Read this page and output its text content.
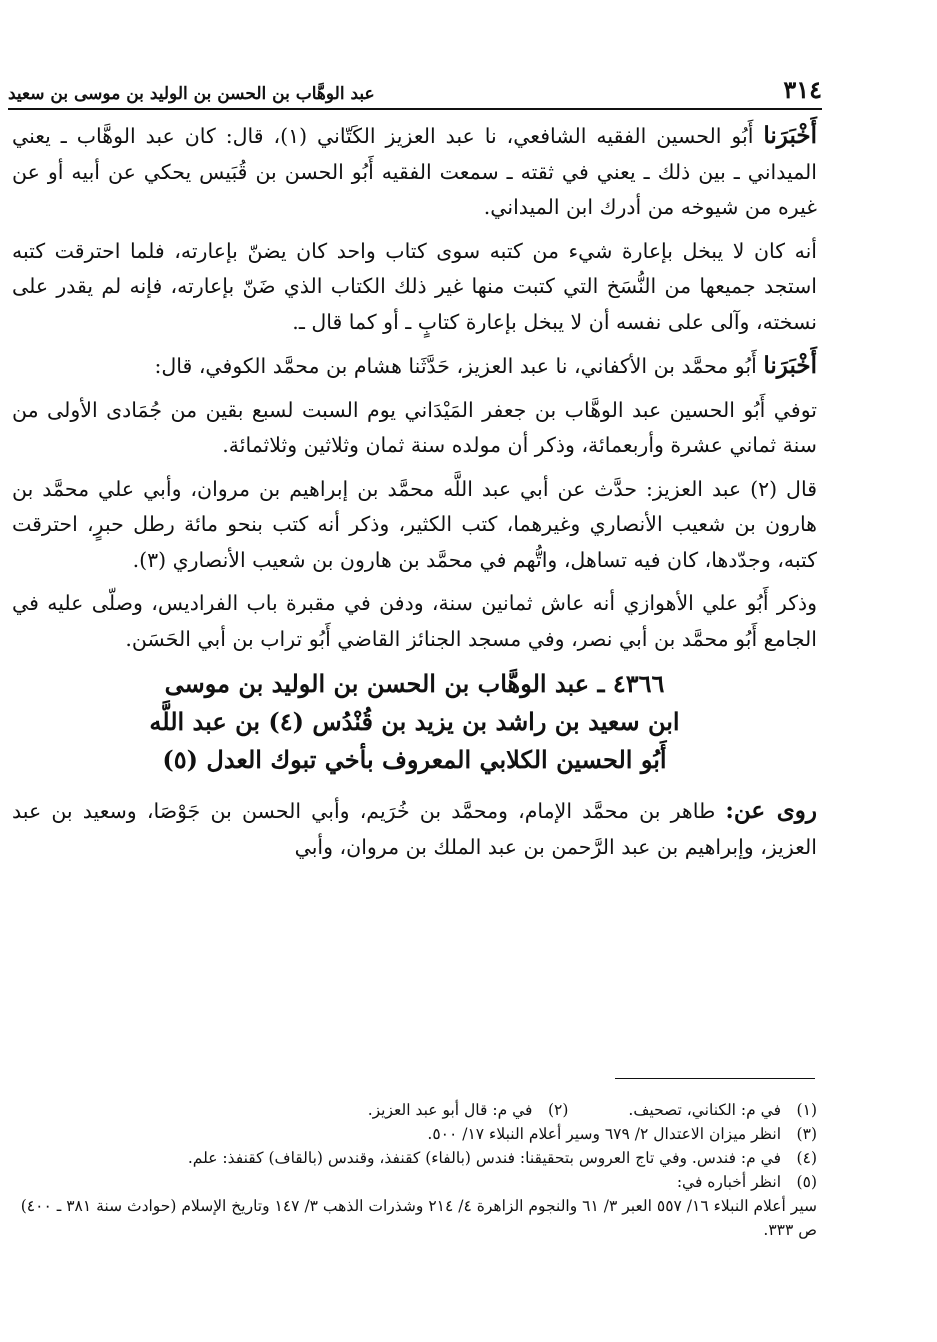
٣١٤
عبد الوهَّاب بن الحسن بن الوليد بن موسى بن سعيد

أَخْبَرَنا أَبُو الحسين الفقيه الشافعي، نا عبد العزيز الكَتّاني (١)، قال: كان عبد الوهَّاب ـ يعني الميداني ـ بين ذلك ـ يعني في ثقته ـ سمعت الفقيه أَبُو الحسن بن قُبَيس يحكي عن أبيه أو عن غيره من شيوخه من أدرك ابن الميداني.

أنه كان لا يبخل بإعارة شيء من كتبه سوى كتاب واحد كان يضنّ بإعارته، فلما احترقت كتبه استجد جميعها من النُّسَخ التي كتبت منها غير ذلك الكتاب الذي ضَنّ بإعارته، فإنه لم يقدر على نسخته، وآلى على نفسه أن لا يبخل بإعارة كتابٍ ـ أو كما قال ـ.

أَخْبَرَنا أَبُو محمَّد بن الأكفاني، نا عبد العزيز، حَدَّثَنا هشام بن محمَّد الكوفي، قال:

توفي أَبُو الحسين عبد الوهَّاب بن جعفر المَيْدَاني يوم السبت لسبع بقين من جُمَادى الأولى من سنة ثماني عشرة وأربعمائة، وذكر أن مولده سنة ثمان وثلاثين وثلاثمائة.

قال (٢) عبد العزيز: حدَّث عن أبي عبد اللَّه محمَّد بن إبراهيم بن مروان، وأبي علي محمَّد بن هارون بن شعيب الأنصاري وغيرهما، كتب الكثير، وذكر أنه كتب بنحو مائة رطل حبرٍ، احترقت كتبه، وجدّدها، كان فيه تساهل، واتُّهم في محمَّد بن هارون بن شعيب الأنصاري (٣).

وذكر أَبُو علي الأهوازي أنه عاش ثمانين سنة، ودفن في مقبرة باب الفراديس، وصلّى عليه في الجامع أَبُو محمَّد بن أبي نصر، وفي مسجد الجنائز القاضي أَبُو تراب بن أبي الحَسَن.

٤٣٦٦ ـ عبد الوهَّاب بن الحسن بن الوليد بن موسى
ابن سعيد بن راشد بن يزيد بن قُنْدُس (٤) بن عبد اللَّه
أَبُو الحسين الكلابي المعروف بأخي تبوك العدل (٥)

روى عن: طاهر بن محمَّد الإمام، ومحمَّد بن خُرَيم، وأبي الحسن بن جَوْصَا، وسعيد بن عبد العزيز، وإبراهيم بن عبد الرَّحمن بن عبد الملك بن مروان، وأبي

(١)
في م: الكناني، تصحيف.
(٢)
في م: قال أبو عبد العزيز.
(٣)
انظر ميزان الاعتدال ٢/ ٦٧٩ وسير أعلام النبلاء ١٧/ ٥٠٠.
(٤)
في م: فندس. وفي تاج العروس بتحقيقنا: فندس (بالفاء) كقنفذ، وقندس (بالقاف) كقنفذ: علم.
(٥)
انظر أخباره في:
سير أعلام النبلاء ١٦/ ٥٥٧ العبر ٣/ ٦١ والنجوم الزاهرة ٤/ ٢١٤ وشذرات الذهب ٣/ ١٤٧ وتاريخ الإسلام (حوادث سنة ٣٨١ ـ ٤٠٠) ص ٣٣٣.
